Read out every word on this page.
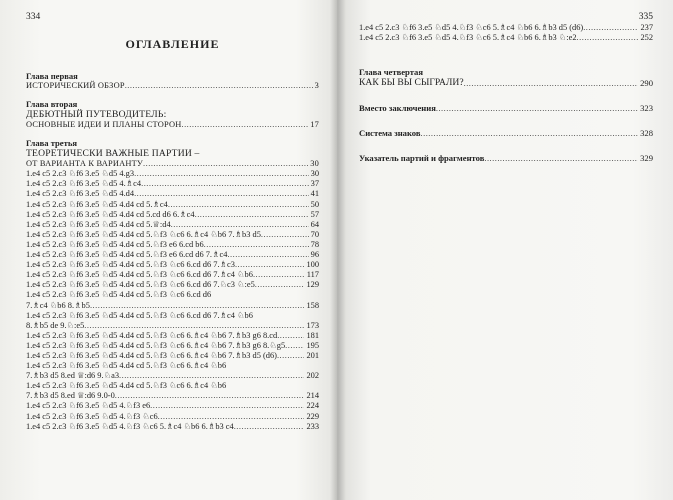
334
ОГЛАВЛЕНИЕ
Глава первая
ИСТОРИЧЕСКИЙ ОБЗОР .....	3
Глава вторая
ДЕБЮТНЫЙ ПУТЕВОДИТЕЛЬ:
ОСНОВНЫЕ ИДЕИ И ПЛАНЫ СТОРОН .....	17
Глава третья
ТЕОРЕТИЧЕСКИ ВАЖНЫЕ ПАРТИИ –
ОТ ВАРИАНТА К ВАРИАНТУ .....	30
1.e4 c5 2.c3 ♘f6 3.e5 ♘d5 4.g3 .....	30
1.e4 c5 2.c3 ♘f6 3.e5 ♘d5 4.♗c4 .....	37
1.e4 c5 2.c3 ♘f6 3.e5 ♘d5 4.d4 .....	41
1.e4 c5 2.c3 ♘f6 3.e5 ♘d5 4.d4 cd 5.♗c4 .....	50
1.e4 c5 2.c3 ♘f6 3.e5 ♘d5 4.d4 cd 5.cd d6 6.♗c4 .....	57
1.e4 c5 2.c3 ♘f6 3.e5 ♘d5 4.d4 cd 5.♕:d4 .....	64
1.e4 c5 2.c3 ♘f6 3.e5 ♘d5 4.d4 cd 5.♘f3 ♘c6 6.♗c4 ♘b6 7.♗b3 d5 .....	70
1.e4 c5 2.c3 ♘f6 3.e5 ♘d5 4.d4 cd 5.♘f3 e6 6.cd b6 .....	78
1.e4 c5 2.c3 ♘f6 3.e5 ♘d5 4.d4 cd 5.♘f3 e6 6.cd d6 7.♗c4 .....	96
1.e4 c5 2.c3 ♘f6 3.e5 ♘d5 4.d4 cd 5.♘f3 ♘c6 6.cd d6 7.♗c3 .....	100
1.e4 c5 2.c3 ♘f6 3.e5 ♘d5 4.d4 cd 5.♘f3 ♘c6 6.cd d6 7.♗c4 ♘b6 .....	117
1.e4 c5 2.c3 ♘f6 3.e5 ♘d5 4.d4 cd 5.♘f3 ♘c6 6.cd d6 7.♘c3 ♘:e5 .....	129
1.e4 c5 2.c3 ♘f6 3.e5 ♘d5 4.d4 cd 5.♘f3 ♘c6 6.cd d6
7.♗c4 ♘b6 8.♗b5 .....	158
1.e4 c5 2.c3 ♘f6 3.e5 ♘d5 4.d4 cd 5.♘f3 ♘c6 6.cd d6 7.♗c4 ♘b6
8.♗b5 de 9.♘:e5 .....	173
1.e4 c5 2.c3 ♘f6 3.e5 ♘d5 4.d4 cd 5.♘f3 ♘c6 6.♗c4 ♘b6 7.♗b3 g6 8.cd .....	181
1.e4 c5 2.c3 ♘f6 3.e5 ♘d5 4.d4 cd 5.♘f3 ♘c6 6.♗c4 ♘b6 7.♗b3 g6 8.♘g5 .....	195
1.e4 c5 2.c3 ♘f6 3.e5 ♘d5 4.d4 cd 5.♘f3 ♘c6 6.♗c4 ♘b6 7.♗b3 d5 (d6) .....	201
1.e4 c5 2.c3 ♘f6 3.e5 ♘d5 4.d4 cd 5.♘f3 ♘c6 6.♗c4 ♘b6
7.♗b3 d5 8.ed ♕:d6 9.♘a3 .....	202
1.e4 c5 2.c3 ♘f6 3.e5 ♘d5 4.d4 cd 5.♘f3 ♘c6 6.♗c4 ♘b6
7.♗b3 d5 8.ed ♕:d6 9.0-0 .....	214
1.e4 c5 2.c3 ♘f6 3.e5 ♘d5 4.♘f3 e6 .....	224
1.e4 c5 2.c3 ♘f6 3.e5 ♘d5 4.♘f3 ♘c6 .....	229
1.e4 c5 2.c3 ♘f6 3.e5 ♘d5 4.♘f3 ♘c6 5.♗c4 ♘b6 6.♗b3 c4 .....	233
335
1.e4 c5 2.c3 ♘f6 3.e5 ♘d5 4.♘f3 ♘c6 5.♗c4 ♘b6 6.♗b3 d5 (d6) .....	237
1.e4 c5 2.c3 ♘f6 3.e5 ♘d5 4.♘f3 ♘c6 5.♗c4 ♘b6 6.♗b3 ♘:e2 .....	252
Глава четвертая
КАК БЫ ВЫ СЫГРАЛИ? .....	290
Вместо заключения .....	323
Система знаков .....	328
Указатель партий и фрагментов .....	329
